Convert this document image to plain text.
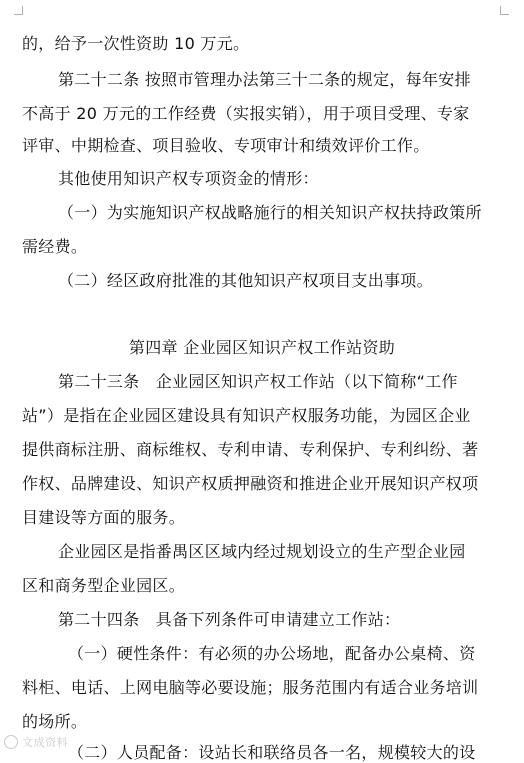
的，给予一次性资助 10 万元。
第二十二条 按照市管理办法第三十二条的规定，每年安排
不高于 20 万元的工作经费（实报实销），用于项目受理、专家
评审、中期检查、项目验收、专项审计和绩效评价工作。
其他使用知识产权专项资金的情形：
（一）为实施知识产权战略施行的相关知识产权扶持政策所
需经费。
（二）经区政府批准的其他知识产权项目支出事项。
第四章 企业园区知识产权工作站资助
第二十三条　企业园区知识产权工作站（以下简称“工作
站”）是指在企业园区建设具有知识产权服务功能，为园区企业
提供商标注册、商标维权、专利申请、专利保护、专利纠纷、著
作权、品牌建设、知识产权质押融资和推进企业开展知识产权项
目建设等方面的服务。
企业园区是指番禺区区域内经过规划设立的生产型企业园
区和商务型企业园区。
第二十四条　具备下列条件可申请建立工作站：
（一）硬性条件：有必须的办公场地，配备办公桌椅、资
料柜、电话、上网电脑等必要设施；服务范围内有适合业务培训
的场所。
（二）人员配备：设站长和联络员各一名，规模较大的设
文成资料
